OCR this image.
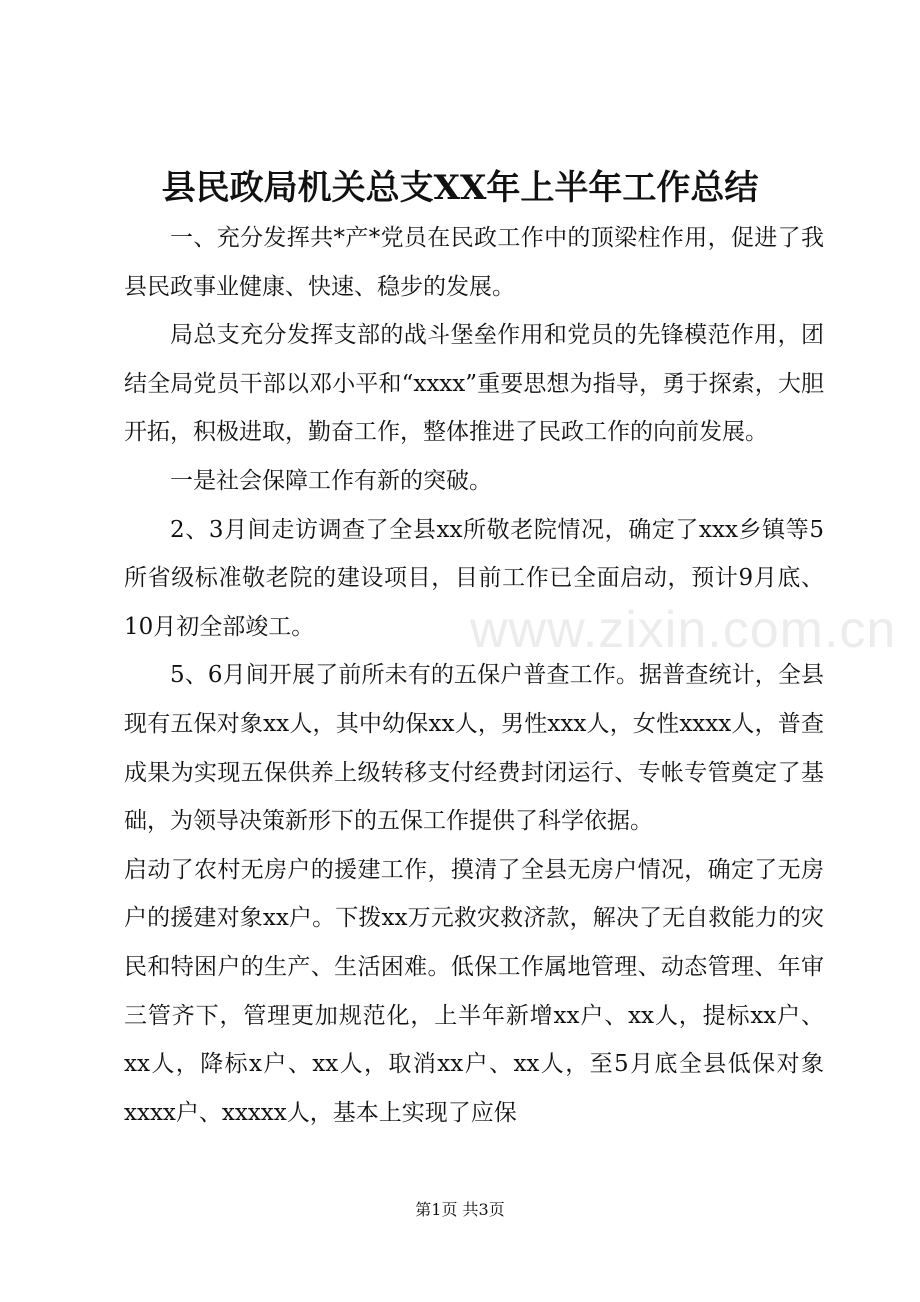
县民政局机关总支XX年上半年工作总结

一、充分发挥共*产*党员在民政工作中的顶梁柱作用，促进了我县民政事业健康、快速、稳步的发展。

局总支充分发挥支部的战斗堡垒作用和党员的先锋模范作用，团结全局党员干部以邓小平和“xxxx”重要思想为指导，勇于探索，大胆开拓，积极进取，勤奋工作，整体推进了民政工作的向前发展。

一是社会保障工作有新的突破。

2、3月间走访调查了全县xx所敬老院情况，确定了xxx乡镇等5所省级标准敬老院的建设项目，目前工作已全面启动，预计9月底、10月初全部竣工。

5、6月间开展了前所未有的五保户普查工作。据普查统计，全县现有五保对象xx人，其中幼保xx人，男性xxx人，女性xxxx人，普查成果为实现五保供养上级转移支付经费封闭运行、专帐专管奠定了基础，为领导决策新形下的五保工作提供了科学依据。

启动了农村无房户的援建工作，摸清了全县无房户情况，确定了无房户的援建对象xx户。下拨xx万元救灾救济款，解决了无自救能力的灾民和特困户的生产、生活困难。低保工作属地管理、动态管理、年审三管齐下，管理更加规范化，上半年新增xx户、xx人，提标xx户、xx人，降标x户、xx人，取消xx户、xx人，至5月底全县低保对象xxxx户、xxxxx人，基本上实现了应保

www.zixin.com.cn
第1页 共3页
